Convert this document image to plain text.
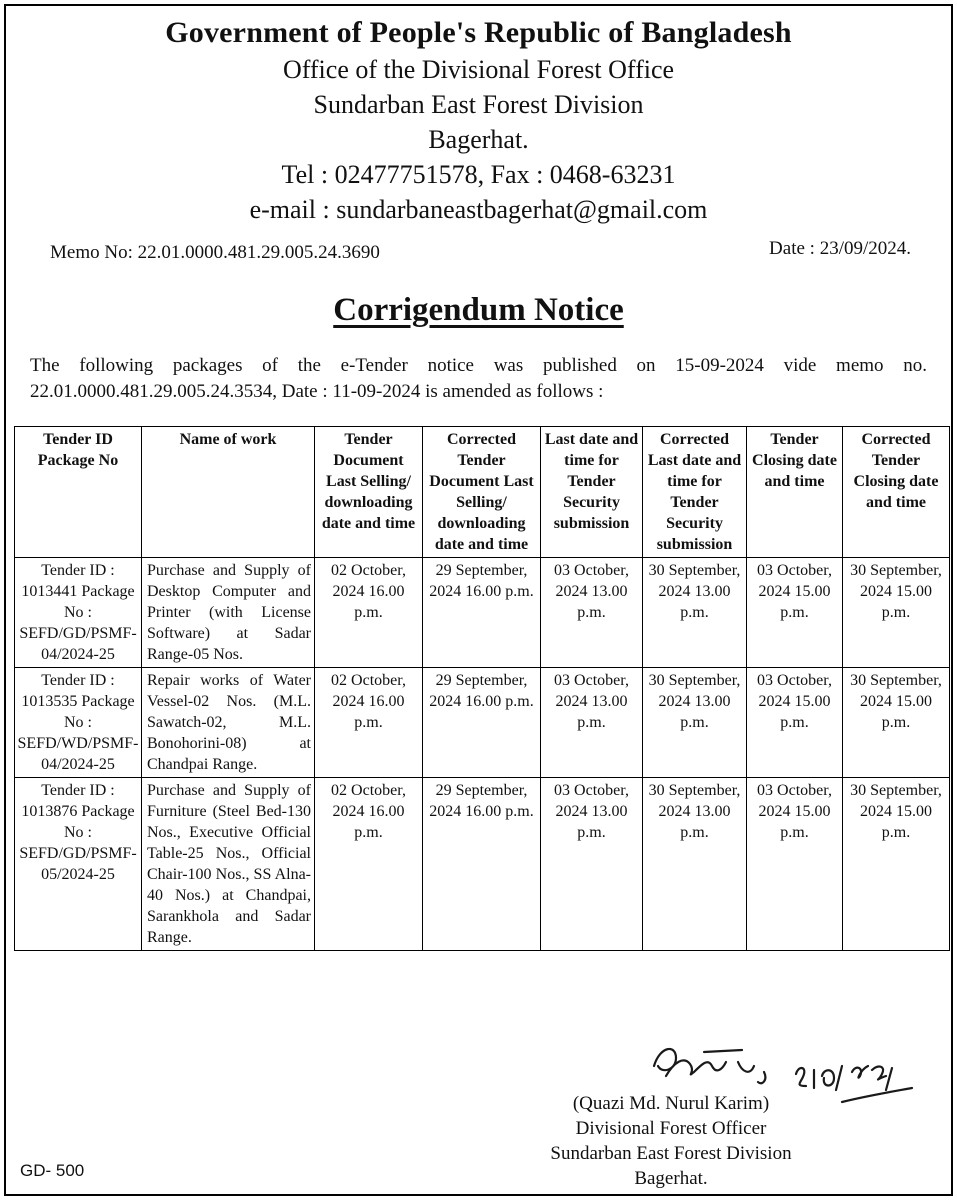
Government of People's Republic of Bangladesh
Office of the Divisional Forest Office
Sundarban East Forest Division
Bagerhat.
Tel : 02477751578, Fax : 0468-63231
e-mail : sundarbaneastbagerhat@gmail.com
Memo No: 22.01.0000.481.29.005.24.3690	Date : 23/09/2024.
Corrigendum Notice
The following packages of the e-Tender notice was published on 15-09-2024 vide memo no. 22.01.0000.481.29.005.24.3534, Date : 11-09-2024 is amended as follows :
Tender ID Package No	Name of work	Tender Document Last Selling/ downloading date and time	Corrected Tender Document Last Selling/ downloading date and time	Last date and time for Tender Security submission	Corrected Last date and time for Tender Security submission	Tender Closing date and time	Corrected Tender Closing date and time
Tender ID : 1013441 Package No : SEFD/GD/PSMF-04/2024-25	Purchase and Supply of Desktop Computer and Printer (with License Software) at Sadar Range-05 Nos.	02 October, 2024 16.00 p.m.	29 September, 2024 16.00 p.m.	03 October, 2024 13.00 p.m.	30 September, 2024 13.00 p.m.	03 October, 2024 15.00 p.m.	30 September, 2024 15.00 p.m.
Tender ID : 1013535 Package No : SEFD/WD/PSMF-04/2024-25	Repair works of Water Vessel-02 Nos. (M.L. Sawatch-02, M.L. Bonohorini-08) at Chandpai Range.	02 October, 2024 16.00 p.m.	29 September, 2024 16.00 p.m.	03 October, 2024 13.00 p.m.	30 September, 2024 13.00 p.m.	03 October, 2024 15.00 p.m.	30 September, 2024 15.00 p.m.
Tender ID : 1013876 Package No : SEFD/GD/PSMF-05/2024-25	Purchase and Supply of Furniture (Steel Bed-130 Nos., Executive Official Table-25 Nos., Official Chair-100 Nos., SS Alna-40 Nos.) at Chandpai, Sarankhola and Sadar Range.	02 October, 2024 16.00 p.m.	29 September, 2024 16.00 p.m.	03 October, 2024 13.00 p.m.	30 September, 2024 13.00 p.m.	03 October, 2024 15.00 p.m.	30 September, 2024 15.00 p.m.
(Quazi Md. Nurul Karim)
Divisional Forest Officer
Sundarban East Forest Division
Bagerhat.
GD- 500
